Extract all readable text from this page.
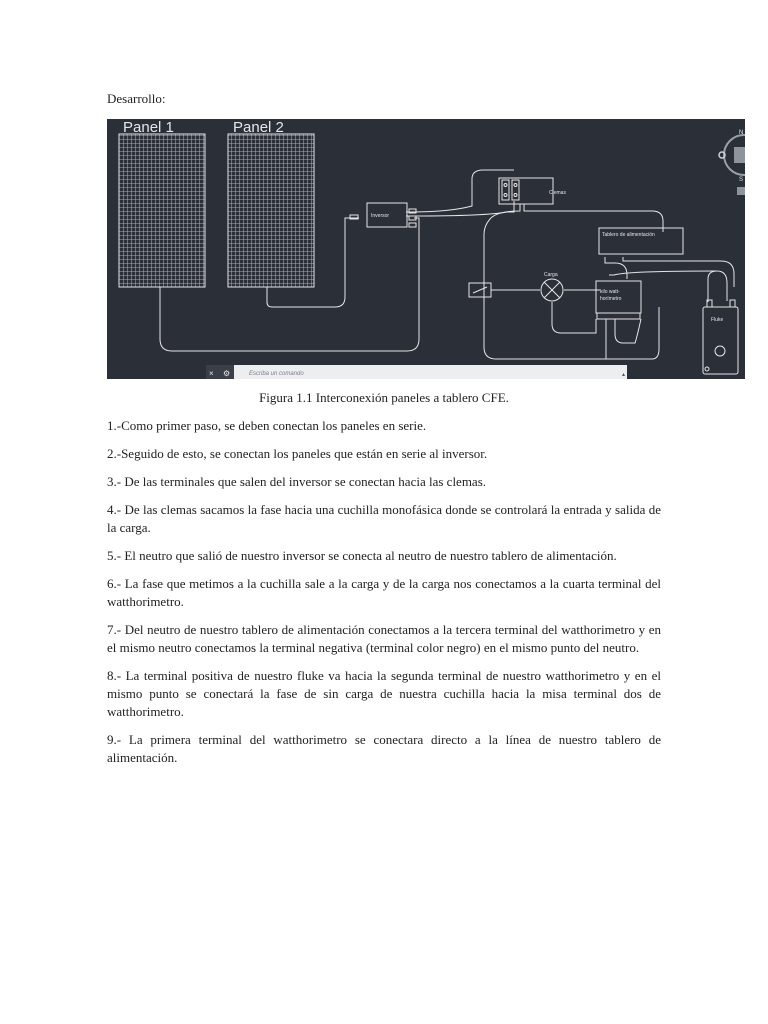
Desarrollo:
Panel 1	Panel 2
Inversor
Clemas
Tablero de alimentación
Carga
kilo watt-
horímetro
Fluke
N
S
× ⚙	Escriba un comando	▴
Figura 1.1 Interconexión paneles a tablero CFE.

1.-Como primer paso, se deben conectan los paneles en serie.

2.-Seguido de esto, se conectan los paneles que están en serie al inversor.

3.- De las terminales que salen del inversor se conectan hacia las clemas.

4.- De las clemas sacamos la fase hacia una cuchilla monofásica donde se controlará la entrada y salida de la carga.

5.- El neutro que salió de nuestro inversor se conecta al neutro de nuestro tablero de alimentación.

6.- La fase que metimos a la cuchilla sale a la carga y de la carga nos conectamos a la cuarta terminal del watthorimetro.

7.- Del neutro de nuestro tablero de alimentación conectamos a la tercera terminal del watthorimetro y en el mismo neutro conectamos la terminal negativa (terminal color negro) en el mismo punto del neutro.

8.- La terminal positiva de nuestro fluke va hacia la segunda terminal de nuestro watthorimetro y en el mismo punto se conectará la fase de sin carga de nuestra cuchilla hacia la misa terminal dos de watthorimetro.

9.- La primera terminal del watthorimetro se conectara directo a la línea de nuestro tablero de alimentación.
